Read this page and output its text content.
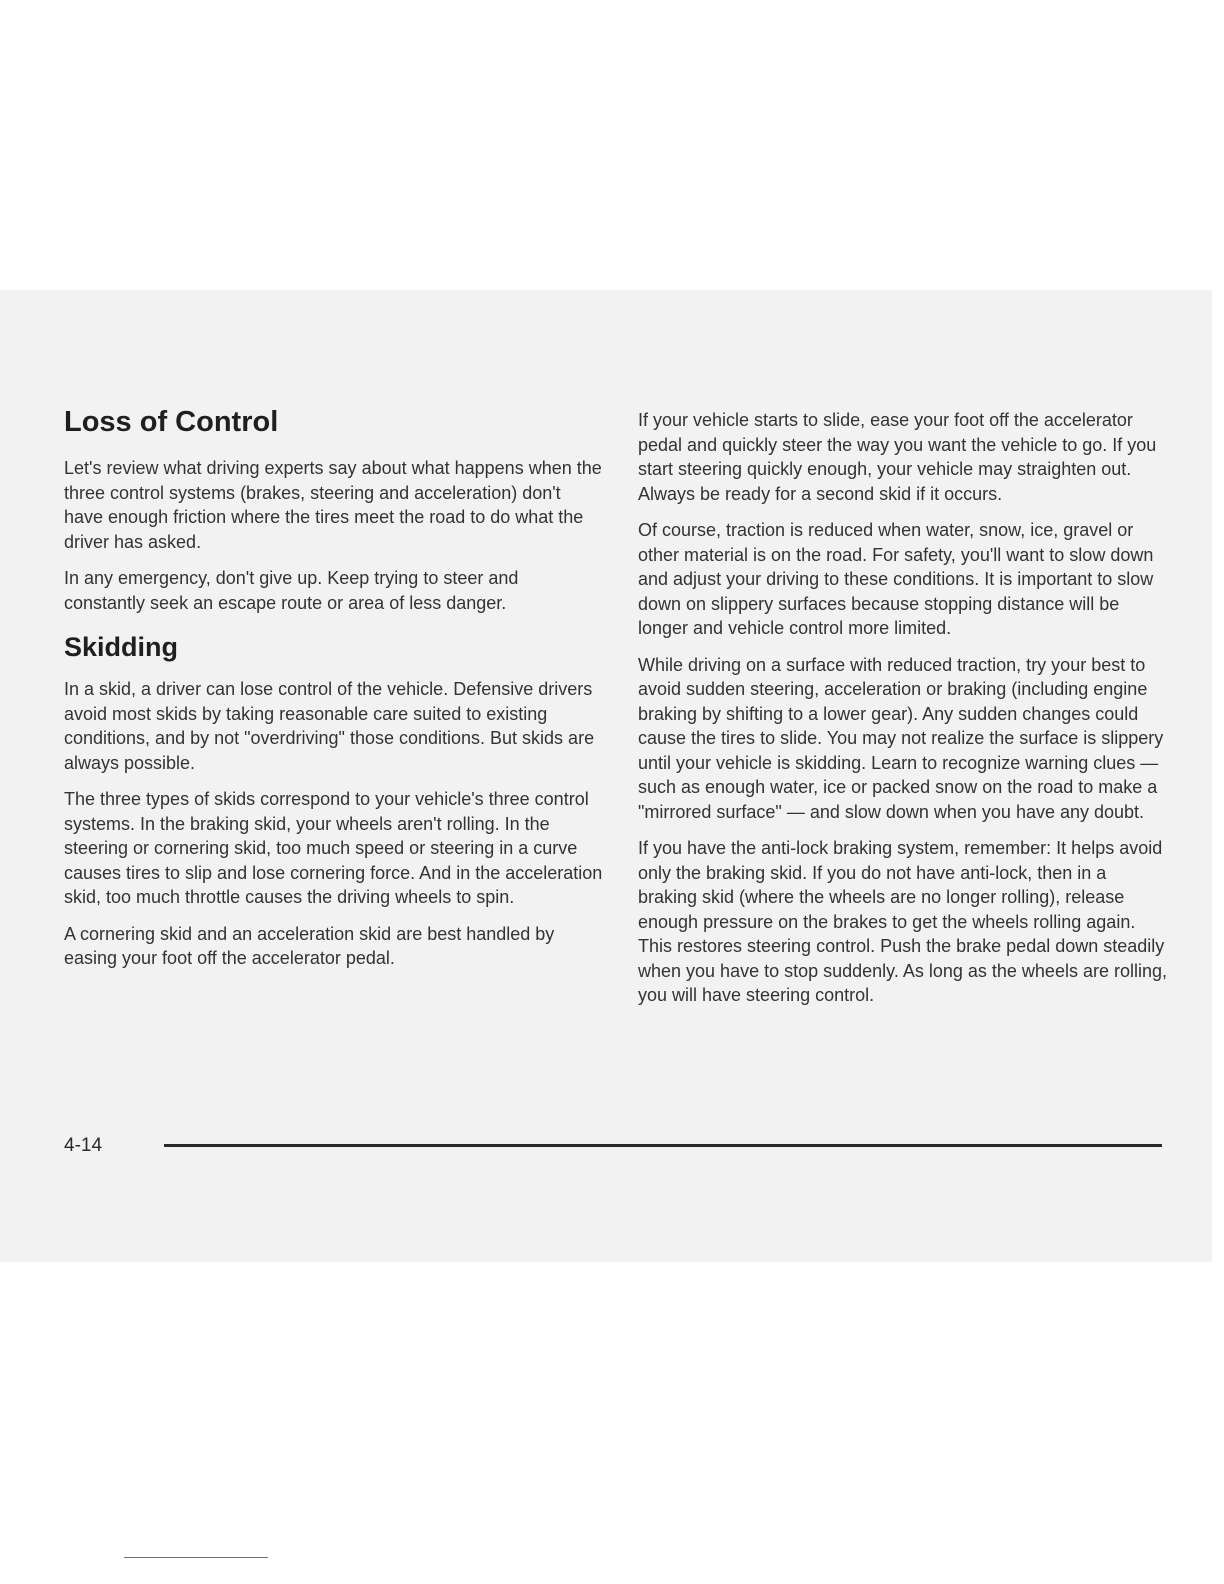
Loss of Control

Let's review what driving experts say about what happens when the three control systems (brakes, steering and acceleration) don't have enough friction where the tires meet the road to do what the driver has asked.

In any emergency, don't give up. Keep trying to steer and constantly seek an escape route or area of less danger.

Skidding

In a skid, a driver can lose control of the vehicle. Defensive drivers avoid most skids by taking reasonable care suited to existing conditions, and by not "overdriving" those conditions. But skids are always possible.

The three types of skids correspond to your vehicle's three control systems. In the braking skid, your wheels aren't rolling. In the steering or cornering skid, too much speed or steering in a curve causes tires to slip and lose cornering force. And in the acceleration skid, too much throttle causes the driving wheels to spin.

A cornering skid and an acceleration skid are best handled by easing your foot off the accelerator pedal.

If your vehicle starts to slide, ease your foot off the accelerator pedal and quickly steer the way you want the vehicle to go. If you start steering quickly enough, your vehicle may straighten out. Always be ready for a second skid if it occurs.

Of course, traction is reduced when water, snow, ice, gravel or other material is on the road. For safety, you'll want to slow down and adjust your driving to these conditions. It is important to slow down on slippery surfaces because stopping distance will be longer and vehicle control more limited.

While driving on a surface with reduced traction, try your best to avoid sudden steering, acceleration or braking (including engine braking by shifting to a lower gear). Any sudden changes could cause the tires to slide. You may not realize the surface is slippery until your vehicle is skidding. Learn to recognize warning clues — such as enough water, ice or packed snow on the road to make a "mirrored surface" — and slow down when you have any doubt.

If you have the anti-lock braking system, remember: It helps avoid only the braking skid. If you do not have anti-lock, then in a braking skid (where the wheels are no longer rolling), release enough pressure on the brakes to get the wheels rolling again. This restores steering control. Push the brake pedal down steadily when you have to stop suddenly. As long as the wheels are rolling, you will have steering control.

4-14
